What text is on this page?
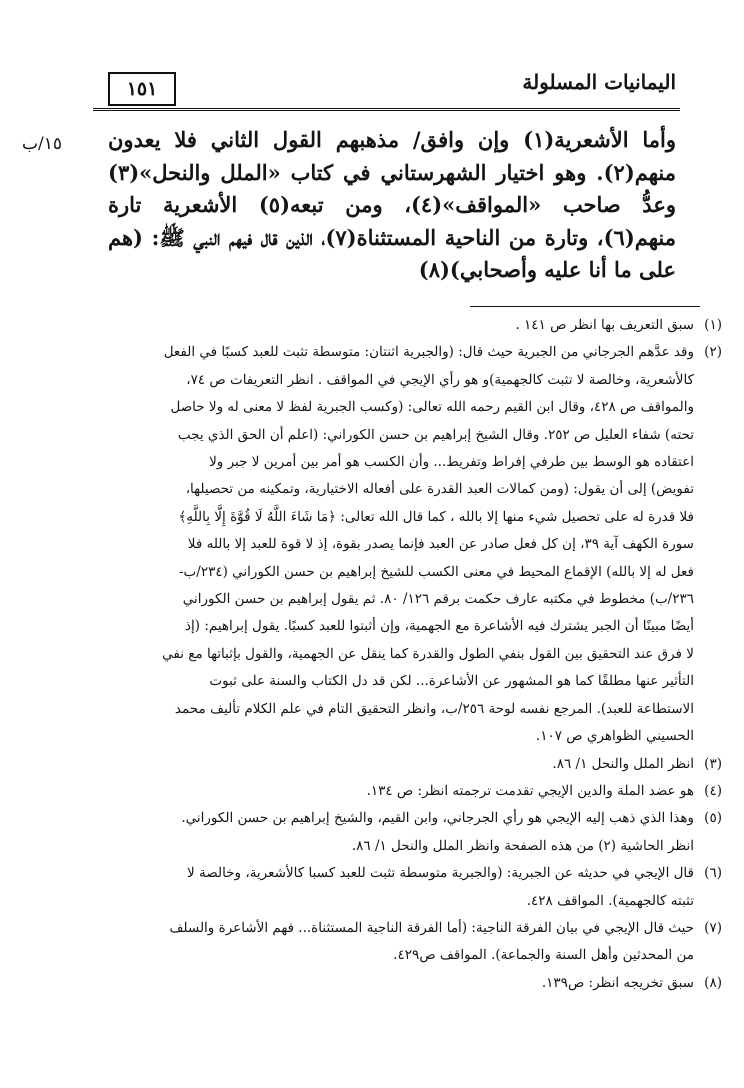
اليمانيات المسلولة
١٥١
١٥/ب وأما الأشعرية(١) وإن وافق/ مذهبهم القول الثاني فلا يعدون منهم(٢). وهو اختيار الشهرستاني في كتاب «الملل والنحل»(٣) وعدُّ صاحب «المواقف»(٤)، ومن تبعه(٥) الأشعرية تارة منهم(٦)، وتارة من الناحية المستثناة(٧)، الذين قال فيهم النبي ﷺ: (هم على ما أنا عليه وأصحابي)(٨)

(١)
سبق التعريف بها انظر ص ١٤١ .
(٢)
وقد عدَّهم الجرجاني من الجبرية حيث قال: (والجبرية اثنتان: متوسطة تثبت للعبد كسبًا في الفعل
كالأشعرية، وخالصة لا تثبت كالجهمية)و هو رأي الإيجي في المواقف . انظر التعريفات ص ٧٤،
والمواقف ص ٤٢٨، وقال ابن القيم رحمه الله تعالى: (وكسب الجبرية لفظ لا معنى له ولا حاصل
تحته) شفاء العليل ص ٢٥٢. وقال الشيخ إبراهيم بن حسن الكوراني: (اعلم أن الحق الذي يجب
اعتقاده هو الوسط بين طرفي إفراط وتفريط... وأن الكسب هو أمر بين أمرين لا جبر ولا
تفويض) إلى أن يقول: (ومن كمالات العبد القدرة على أفعاله الاختيارية، وتمكينه من تحصيلها،
فلا قدرة له على تحصيل شيء منها إلا بالله ، كما قال الله تعالى: ﴿مَا شَاءَ اللَّهُ لَا قُوَّةَ إِلَّا بِاللَّهِ﴾
سورة الكهف آية ٣٩، إن كل فعل صادر عن العبد فإنما يصدر بقوة، إذ لا قوة للعبد إلا بالله فلا
فعل له إلا بالله) الإقماع المحيط في معنى الكسب للشيخ إبراهيم بن حسن الكوراني (٢٣٤/ب-
٢٣٦/ب) مخطوط في مكتبه عارف حكمت برقم ١٢٦/ ٨٠. ثم يقول إبراهيم بن حسن الكوراني
أيضًا مبينًا أن الجبر يشترك فيه الأشاعرة مع الجهمية، وإن أثبتوا للعبد كسبًا. يقول إبراهيم: (إذ
لا فرق عند التحقيق بين القول بنفي الطول والقدرة كما ينقل عن الجهمية، والقول بإثباتها مع نفي
التأثير عنها مطلقًا كما هو المشهور عن الأشاعرة... لكن قد دل الكتاب والسنة على ثبوت
الاستطاعة للعبد). المرجع نفسه لوحة ٢٥٦/ب، وانظر التحقيق التام في علم الكلام تأليف محمد
الحسيني الظواهري ص ١٠٧.
(٣)
انظر الملل والنحل ١/ ٨٦.
(٤)
هو عضد الملة والدين الإيجي تقدمت ترجمته انظر: ص ١٣٤.
(٥)
وهذا الذي ذهب إليه الإيجي هو رأي الجرجاني، وابن القيم، والشيخ إبراهيم بن حسن الكوراني.
انظر الحاشية (٢) من هذه الصفحة وانظر الملل والنحل ١/ ٨٦.
(٦)
قال الإيجي في حديثه عن الجبرية: (والجبرية متوسطة تثبت للعبد كسبا كالأشعرية، وخالصة لا
تثبته كالجهمية). المواقف ٤٢٨.
(٧)
حيث قال الإيجي في بيان الفرقة الناجية: (أما الفرقة الناجية المستثناة... فهم الأشاعرة والسلف
من المحدثين وأهل السنة والجماعة). المواقف ص٤٢٩.
(٨)
سبق تخريجه انظر: ص١٣٩.
